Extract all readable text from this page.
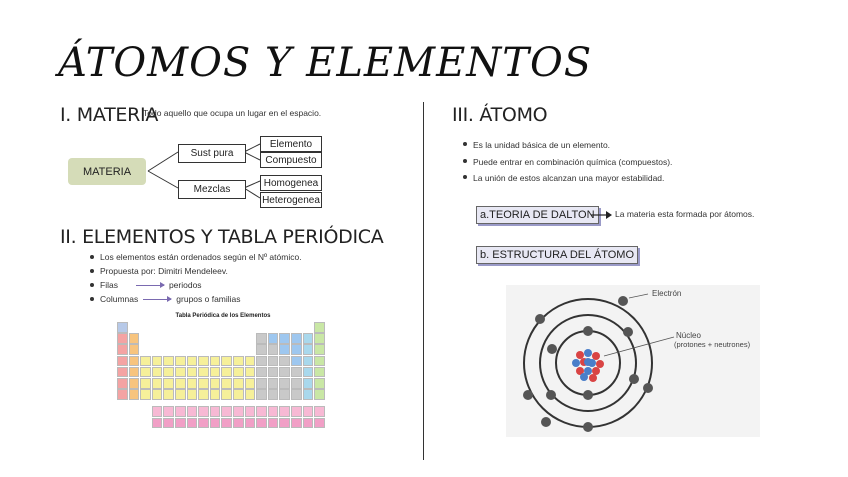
ÁTOMOS Y ELEMENTOS
I. MATERIA
Todo aquello que ocupa un lugar en el espacio.
MATERIA
Sust pura
Mezclas
Elemento
Compuesto
Homogenea
Heterogenea
II. ELEMENTOS Y TABLA PERIÓDICA
Los elementos están ordenados según el Nº atómico.
Propuesta por: Dimitri Mendeleev.
Filas	periodos
Columnas	grupos o familias
Tabla Periódica de los Elementos
III. ÁTOMO
Es la unidad básica de un elemento.
Puede entrar en combinación química (compuestos).
La unión de estos alcanzan una mayor estabilidad.
a.TEORIA DE DALTON	La materia esta formada por átomos.
b. ESTRUCTURA DEL ÁTOMO
Electrón
Núcleo
(protones + neutrones)
